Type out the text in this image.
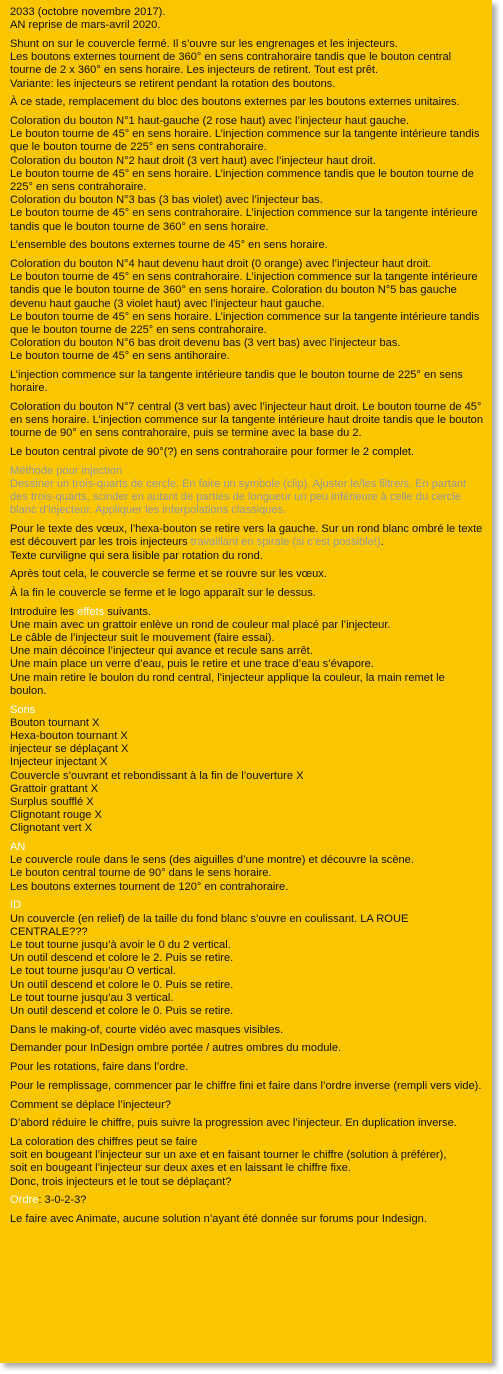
2033 (octobre novembre 2017).
AN reprise de mars-avril 2020.

Shunt on sur le couvercle fermé. Il s’ouvre sur les engrenages et les injecteurs.
Les boutons externes tournent de 360° en sens contrahoraire tandis que le bouton central tourne de 2 x 360° en sens horaire. Les injecteurs de retirent. Tout est prêt.
Variante: les injecteurs se retirent pendant la rotation des boutons.

À ce stade, remplacement du bloc des boutons externes par les boutons externes unitaires.

Coloration du bouton N°1 haut-gauche (2 rose haut) avec l’injecteur haut gauche.
Le bouton tourne de 45° en sens horaire. L’injection commence sur la tangente intérieure tandis que le bouton tourne de 225° en sens contrahoraire.
Coloration du bouton N°2 haut droit (3 vert haut) avec l’injecteur haut droit.
Le bouton tourne de 45° en sens horaire. L’injection commence tandis que le bouton tourne de 225° en sens contrahoraire.
Coloration du bouton N°3 bas (3 bas violet) avec l’injecteur bas.
Le bouton tourne de 45° en sens contrahoraire. L’injection commence sur la tangente intérieure tandis que le bouton tourne de 360° en sens horaire.

L’ensemble des boutons externes tourne de 45° en sens horaire.

Coloration du bouton N°4 haut devenu haut droit (0 orange) avec l’injecteur haut droit.
Le bouton tourne de 45° en sens contrahoraire. L’injection commence sur la tangente intérieure tandis que le bouton tourne de 360° en sens horaire. Coloration du bouton N°5 bas gauche devenu haut gauche (3 violet haut) avec l’injecteur haut gauche.
Le bouton tourne de 45° en sens horaire. L’injection commence sur la tangente intérieure tandis que le bouton tourne de 225° en sens contrahoraire.
Coloration du bouton N°6 bas droit devenu bas (3 vert bas) avec l’injecteur bas.
Le bouton tourne de 45° en sens antihoraire.

L’injection commence sur la tangente intérieure tandis que le bouton tourne de 225° en sens horaire.

Coloration du bouton N°7 central (3 vert bas) avec l’injecteur haut droit. Le bouton tourne de 45° en sens horaire. L’injection commence sur la tangente intérieure haut droite tandis que le bouton tourne de 90° en sens contrahoraire, puis se termine avec la base du 2.

Le bouton central pivote de 90°(?) en sens contrahoraire pour former le 2 complet.

Méthode pour injection
Dessiner un trois-quarts de cercle. En faire un symbole (clip). Ajuster le/les filtre/s. En partant des trois-quarts, scinder en autant de parties de longueur un peu inférieure à celle du cercle blanc d’injecteur. Appliquer les interpolations classiques.

Pour le texte des vœux, l’hexa-bouton se retire vers la gauche. Sur un rond blanc ombré le texte est découvert par les trois injecteurs travaillant en spirale (si c’est possible!).
Texte curviligne qui sera lisible par rotation du rond.

Après tout cela, le couvercle se ferme et se rouvre sur les vœux.

À la fin le couvercle se ferme et le logo apparaît sur le dessus.

Introduire les effets suivants.
Une main avec un grattoir enlève un rond de couleur mal placé par l’injecteur.
Le câble de l’injecteur suit le mouvement (faire essai).
Une main décoince l’injecteur qui avance et recule sans arrêt.
Une main place un verre d’eau, puis le retire et une trace d’eau s’évapore.
Une main retire le boulon du rond central, l’injecteur applique la couleur, la main remet le boulon.

Sons
Bouton tournant X
Hexa-bouton tournant X
injecteur se déplaçant X
Injecteur injectant X
Couvercle s’ouvrant et rebondissant à la fin de l’ouverture X
Grattoir grattant X
Surplus soufflé X
Clignotant rouge X
Clignotant vert X

AN
Le couvercle roule dans le sens (des aiguilles d’une montre) et découvre la scène.
Le bouton central tourne de 90° dans le sens horaire.
Les boutons externes tournent de 120° en contrahoraire.

ID
Un couvercle (en relief) de la taille du fond blanc s’ouvre en coulissant. LA ROUE CENTRALE???
Le tout tourne jusqu’à avoir le 0 du 2 vertical.
Un outil descend et colore le 2. Puis se retire.
Le tout tourne jusqu’au O vertical.
Un outil descend et colore le 0. Puis se retire.
Le tout tourne jusqu’au 3 vertical.
Un outil descend et colore le 0. Puis se retire.

Dans le making-of, courte vidéo avec masques visibles.

Demander pour InDesign ombre portée / autres ombres du module.

Pour les rotations, faire dans l’ordre.

Pour le remplissage, commencer par le chiffre fini et faire dans l’ordre inverse (rempli vers vide).

Comment se déplace l’injecteur?

D’abord réduire le chiffre, puis suivre la progression avec l’injecteur. En duplication inverse.

La coloration des chiffres peut se faire
soit en bougeant l’injecteur sur un axe et en faisant tourner le chiffre (solution à préférer),
soit en bougeant l’injecteur sur deux axes et en laissant le chiffre fixe.
Donc, trois injecteurs et le tout se déplaçant?

Ordre: 3-0-2-3?

Le faire avec Animate, aucune solution n’ayant été donnée sur forums pour Indesign.
